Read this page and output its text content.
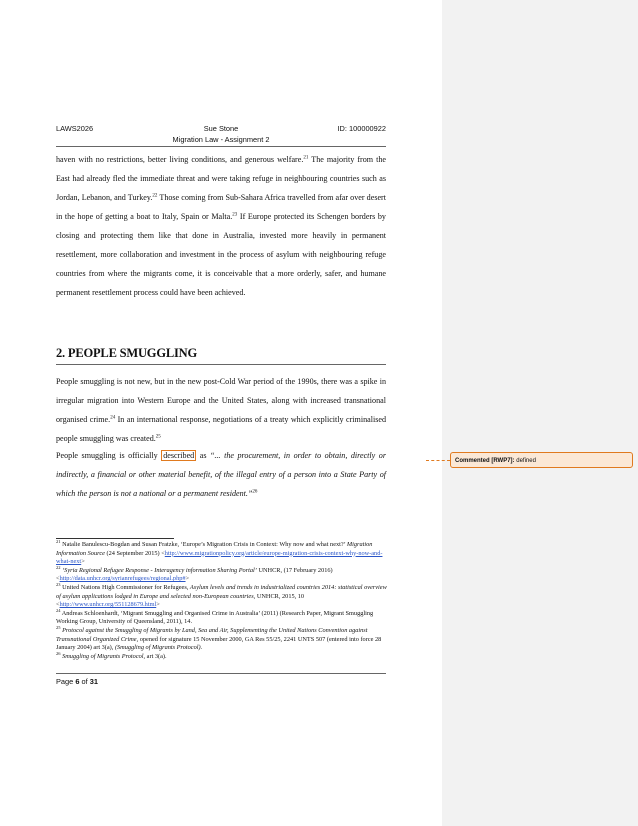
LAWS2026	Sue Stone	ID: 100000922
Migration Law - Assignment 2
haven with no restrictions, better living conditions, and generous welfare.$^{21}$ The majority from the East had already fled the immediate threat and were taking refuge in neighbouring countries such as Jordan, Lebanon, and Turkey.$^{22}$ Those coming from Sub-Sahara Africa travelled from afar over desert in the hope of getting a boat to Italy, Spain or Malta.$^{23}$ If Europe protected its Schengen borders by closing and protecting them like that done in Australia, invested more heavily in permanent resettlement, more collaboration and investment in the process of asylum with neighbouring refuge countries from where the migrants come, it is conceivable that a more orderly, safer, and humane permanent resettlement process could have been achieved.
2. PEOPLE SMUGGLING
People smuggling is not new, but in the new post-Cold War period of the 1990s, there was a spike in irregular migration into Western Europe and the United States, along with increased transnational organised crime.$^{24}$ In an international response, negotiations of a treaty which explicitly criminalised people smuggling was created.$^{25}$
People smuggling is officially described as “... the procurement, in order to obtain, directly or indirectly, a financial or other material benefit, of the illegal entry of a person into a State Party of which the person is not a national or a permanent resident.”$^{26}$

$^{21}$ Natalie Banulescu-Bogdan and Susan Fratzke, ‘Europe’s Migration Crisis in Context: Why now and what next?’ Migration Information Source (24 September 2015) <http://www.migrationpolicy.org/article/europe-migration-crisis-context-why-now-and-what-next>

$^{22}$ ‘Syria Regional Refugee Response - Interagency information Sharing Portal’ UNHCR, (17 February 2016) <http://data.unhcr.org/syrianrefugees/regional.php#>

$^{23}$ United Nations High Commissioner for Refugees, Asylum levels and trends in industrialized countries 2014: statistical overview of asylum applications lodged in Europe and selected non-European countries, UNHCR, 2015, 10 <http://www.unhcr.org/551128679.html>

$^{24}$ Andreas Schloenhardt, ‘Migrant Smuggling and Organised Crime in Australia’ (2011) (Research Paper, Migrant Smuggling Working Group, University of Queensland, 2011), 14.

$^{25}$ Protocol against the Smuggling of Migrants by Land, Sea and Air, Supplementing the United Nations Convention against Transnational Organized Crime, opened for signature 15 November 2000, GA Res 55/25, 2241 UNTS 507 (entered into force 28 January 2004) art 3(a), (Smuggling of Migrants Protocol).

$^{26}$ Smuggling of Migrants Protocol, art 3(a).

Page 6 of 31
Commented [RWP7]: defined
